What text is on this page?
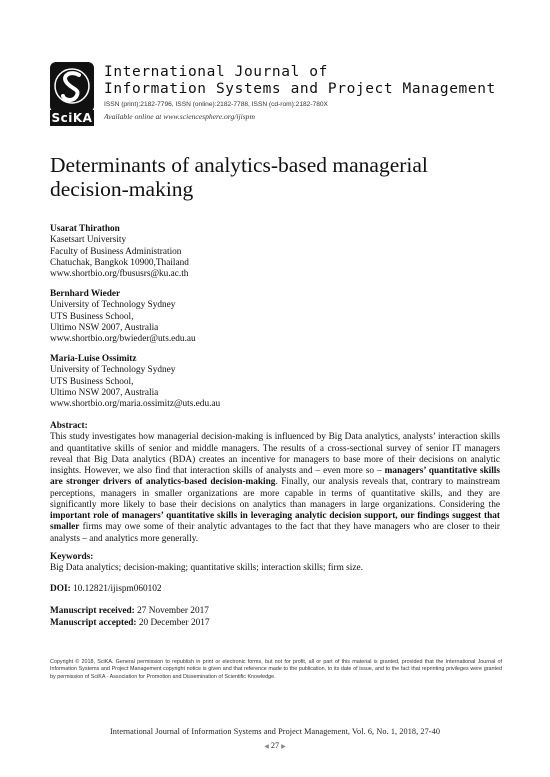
SciKA
International Journal of
Information Systems and Project Management
ISSN (print):2182-7796, ISSN (online):2182-7788, ISSN (cd-rom):2182-780X
Available online at www.sciencesphere.org/ijispm
Determinants of analytics-based managerial decision-making
Usarat Thirathon
Kasetsart University
Faculty of Business Administration
Chatuchak, Bangkok 10900,Thailand
www.shortbio.org/fbususrs@ku.ac.th
Bernhard Wieder
University of Technology Sydney
UTS Business School,
Ultimo NSW 2007, Australia
www.shortbio.org/bwieder@uts.edu.au
Maria-Luise Ossimitz
University of Technology Sydney
UTS Business School,
Ultimo NSW 2007, Australia
www.shortbio.org/maria.ossimitz@uts.edu.au
Abstract:

This study investigates how managerial decision-making is influenced by Big Data analytics, analysts’ interaction skills and quantitative skills of senior and middle managers. The results of a cross-sectional survey of senior IT managers reveal that Big Data analytics (BDA) creates an incentive for managers to base more of their decisions on analytic insights. However, we also find that interaction skills of analysts and – even more so – managers’ quantitative skills are stronger drivers of analytics-based decision-making. Finally, our analysis reveals that, contrary to mainstream perceptions, managers in smaller organizations are more capable in terms of quantitative skills, and they are significantly more likely to base their decisions on analytics than managers in large organizations. Considering the important role of managers’ quantitative skills in leveraging analytic decision support, our findings suggest that smaller firms may owe some of their analytic advantages to the fact that they have managers who are closer to their analysts – and analytics more generally.

Keywords:
Big Data analytics; decision-making; quantitative skills; interaction skills; firm size.
DOI: 10.12821/ijispm060102
Manuscript received: 27 November 2017
Manuscript accepted: 20 December 2017
Copyright © 2018, SciKA. General permission to republish in print or electronic forms, but not for profit, all or part of this material is granted, provided that the International Journal of Information Systems and Project Management copyright notice is given and that reference made to the publication, to its date of issue, and to the fact that reprinting privileges were granted by permission of SciKA - Association for Promotion and Dissemination of Scientific Knowledge.
International Journal of Information Systems and Project Management, Vol. 6, No. 1, 2018, 27-40
◀ 27 ▶
